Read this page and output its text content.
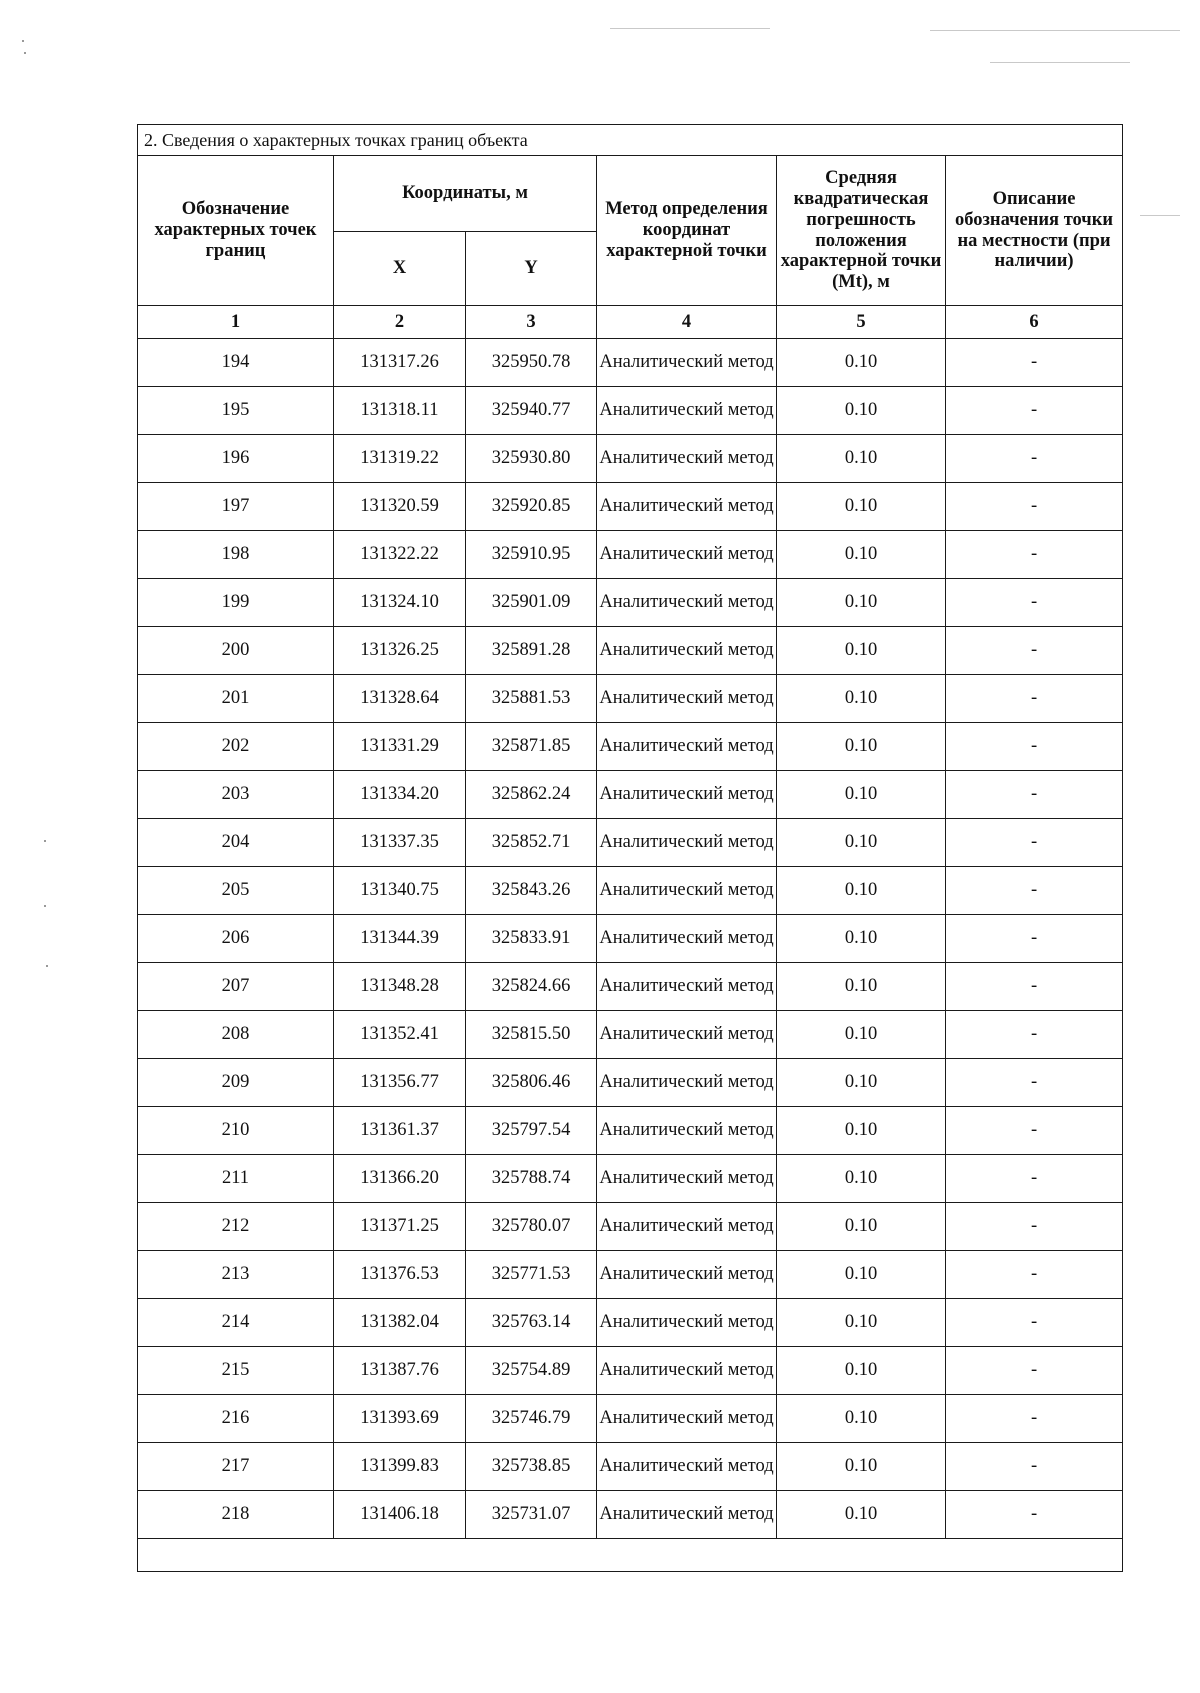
2. Сведения о характерных точках границ объекта					
Обозначение характерных точек границ	Координаты, м		Метод определения координат характерной точки	Средняя квадратическая погрешность положения характерной точки (Mt), м	Описание обозначения точки на местности (при наличии)
	X	Y			
1	2	3	4	5	6
194	131317.26	325950.78	Аналитический метод	0.10	-
195	131318.11	325940.77	Аналитический метод	0.10	-
196	131319.22	325930.80	Аналитический метод	0.10	-
197	131320.59	325920.85	Аналитический метод	0.10	-
198	131322.22	325910.95	Аналитический метод	0.10	-
199	131324.10	325901.09	Аналитический метод	0.10	-
200	131326.25	325891.28	Аналитический метод	0.10	-
201	131328.64	325881.53	Аналитический метод	0.10	-
202	131331.29	325871.85	Аналитический метод	0.10	-
203	131334.20	325862.24	Аналитический метод	0.10	-
204	131337.35	325852.71	Аналитический метод	0.10	-
205	131340.75	325843.26	Аналитический метод	0.10	-
206	131344.39	325833.91	Аналитический метод	0.10	-
207	131348.28	325824.66	Аналитический метод	0.10	-
208	131352.41	325815.50	Аналитический метод	0.10	-
209	131356.77	325806.46	Аналитический метод	0.10	-
210	131361.37	325797.54	Аналитический метод	0.10	-
211	131366.20	325788.74	Аналитический метод	0.10	-
212	131371.25	325780.07	Аналитический метод	0.10	-
213	131376.53	325771.53	Аналитический метод	0.10	-
214	131382.04	325763.14	Аналитический метод	0.10	-
215	131387.76	325754.89	Аналитический метод	0.10	-
216	131393.69	325746.79	Аналитический метод	0.10	-
217	131399.83	325738.85	Аналитический метод	0.10	-
218	131406.18	325731.07	Аналитический метод	0.10	-
